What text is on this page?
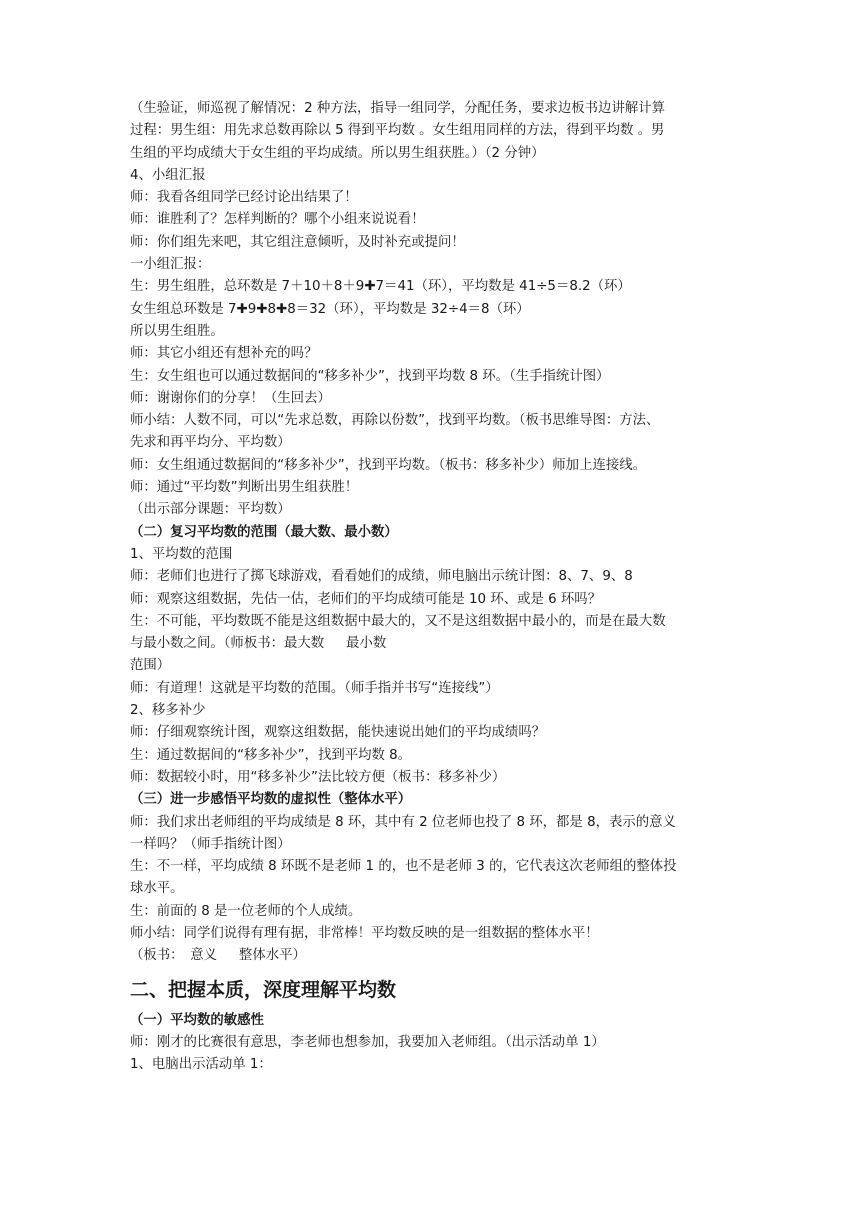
（生验证，师巡视了解情况：2 种方法，指导一组同学，分配任务，要求边板书边讲解计算

过程：男生组：用先求总数再除以 5 得到平均数 。女生组用同样的方法，得到平均数 。男

生组的平均成绩大于女生组的平均成绩。所以男生组获胜。）（2 分钟）

4、小组汇报

师：我看各组同学已经讨论出结果了！

师：谁胜利了？怎样判断的？哪个小组来说说看！

师：你们组先来吧，其它组注意倾听，及时补充或提问！

一小组汇报：

生：男生组胜，总环数是 7＋10＋8＋9✚7＝41（环），平均数是 41÷5＝8.2（环）

女生组总环数是 7✚9✚8✚8＝32（环），平均数是 32÷4＝8（环）

所以男生组胜。

师：其它小组还有想补充的吗？

生：女生组也可以通过数据间的“移多补少”，找到平均数 8 环。（生手指统计图）

师：谢谢你们的分享！（生回去）

师小结：人数不同，可以“先求总数，再除以份数”，找到平均数。（板书思维导图：方法、

先求和再平均分、平均数）

师：女生组通过数据间的“移多补少”，找到平均数。（板书：移多补少）师加上连接线。

师：通过“平均数”判断出男生组获胜！

（出示部分课题：平均数）

（二）复习平均数的范围（最大数、最小数）

1、平均数的范围

师：老师们也进行了掷飞球游戏，看看她们的成绩，师电脑出示统计图：8、7、9、8

师：观察这组数据，先估一估，老师们的平均成绩可能是 10 环、或是 6 环吗？

生：不可能，平均数既不能是这组数据中最大的，又不是这组数据中最小的，而是在最大数

与最小数之间。（师板书：最大数　  最小数

范围）

师：有道理！这就是平均数的范围。（师手指并书写“连接线”）

2、移多补少

师：仔细观察统计图，观察这组数据，能快速说出她们的平均成绩吗？

生：通过数据间的“移多补少”，找到平均数 8。

师：数据较小时，用“移多补少”法比较方便（板书：移多补少）

（三）进一步感悟平均数的虚拟性（整体水平）

师：我们求出老师组的平均成绩是 8 环，其中有 2 位老师也投了 8 环，都是 8，表示的意义

一样吗？（师手指统计图）

生：不一样，平均成绩 8 环既不是老师 1 的，也不是老师 3 的，它代表这次老师组的整体投

球水平。

生：前面的 8 是一位老师的个人成绩。

师小结：同学们说得有理有据，非常棒！平均数反映的是一组数据的整体水平！

（板书：　意义　  整体水平）

二、把握本质，深度理解平均数

（一）平均数的敏感性

师：刚才的比赛很有意思，李老师也想参加，我要加入老师组。（出示活动单 1）

1、电脑出示活动单 1：
